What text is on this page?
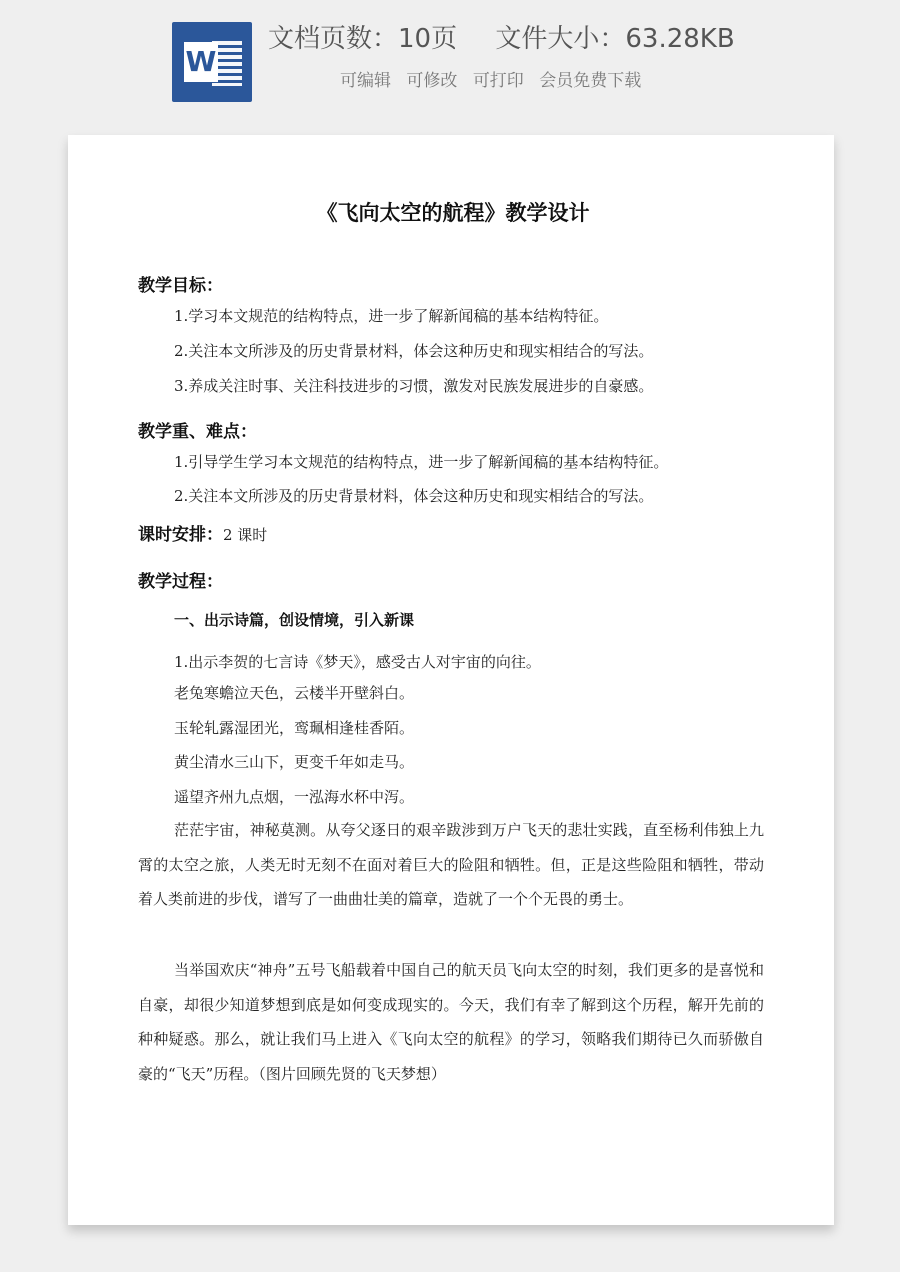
W
文档页数：10页 文件大小：63.28KB
可编辑 可修改 可打印 会员免费下载
《飞向太空的航程》教学设计
教学目标：
1.学习本文规范的结构特点，进一步了解新闻稿的基本结构特征。
2.关注本文所涉及的历史背景材料，体会这种历史和现实相结合的写法。
3.养成关注时事、关注科技进步的习惯，激发对民族发展进步的自豪感。
教学重、难点：
1.引导学生学习本文规范的结构特点，进一步了解新闻稿的基本结构特征。
2.关注本文所涉及的历史背景材料，体会这种历史和现实相结合的写法。
课时安排：2 课时
教学过程：
一、出示诗篇，创设情境，引入新课
1.出示李贺的七言诗《梦天》，感受古人对宇宙的向往。
老兔寒蟾泣天色，云楼半开壁斜白。
玉轮轧露湿团光，鸾珮相逢桂香陌。
黄尘清水三山下，更变千年如走马。
遥望齐州九点烟，一泓海水杯中泻。
茫茫宇宙，神秘莫测。从夸父逐日的艰辛跋涉到万户飞天的悲壮实践，直至杨利伟独上九霄的太空之旅，人类无时无刻不在面对着巨大的险阻和牺牲。但，正是这些险阻和牺牲，带动着人类前进的步伐，谱写了一曲曲壮美的篇章，造就了一个个无畏的勇士。
当举国欢庆“神舟”五号飞船载着中国自己的航天员飞向太空的时刻，我们更多的是喜悦和自豪，却很少知道梦想到底是如何变成现实的。今天，我们有幸了解到这个历程，解开先前的种种疑惑。那么，就让我们马上进入《飞向太空的航程》的学习，领略我们期待已久而骄傲自豪的“飞天”历程。（图片回顾先贤的飞天梦想）
